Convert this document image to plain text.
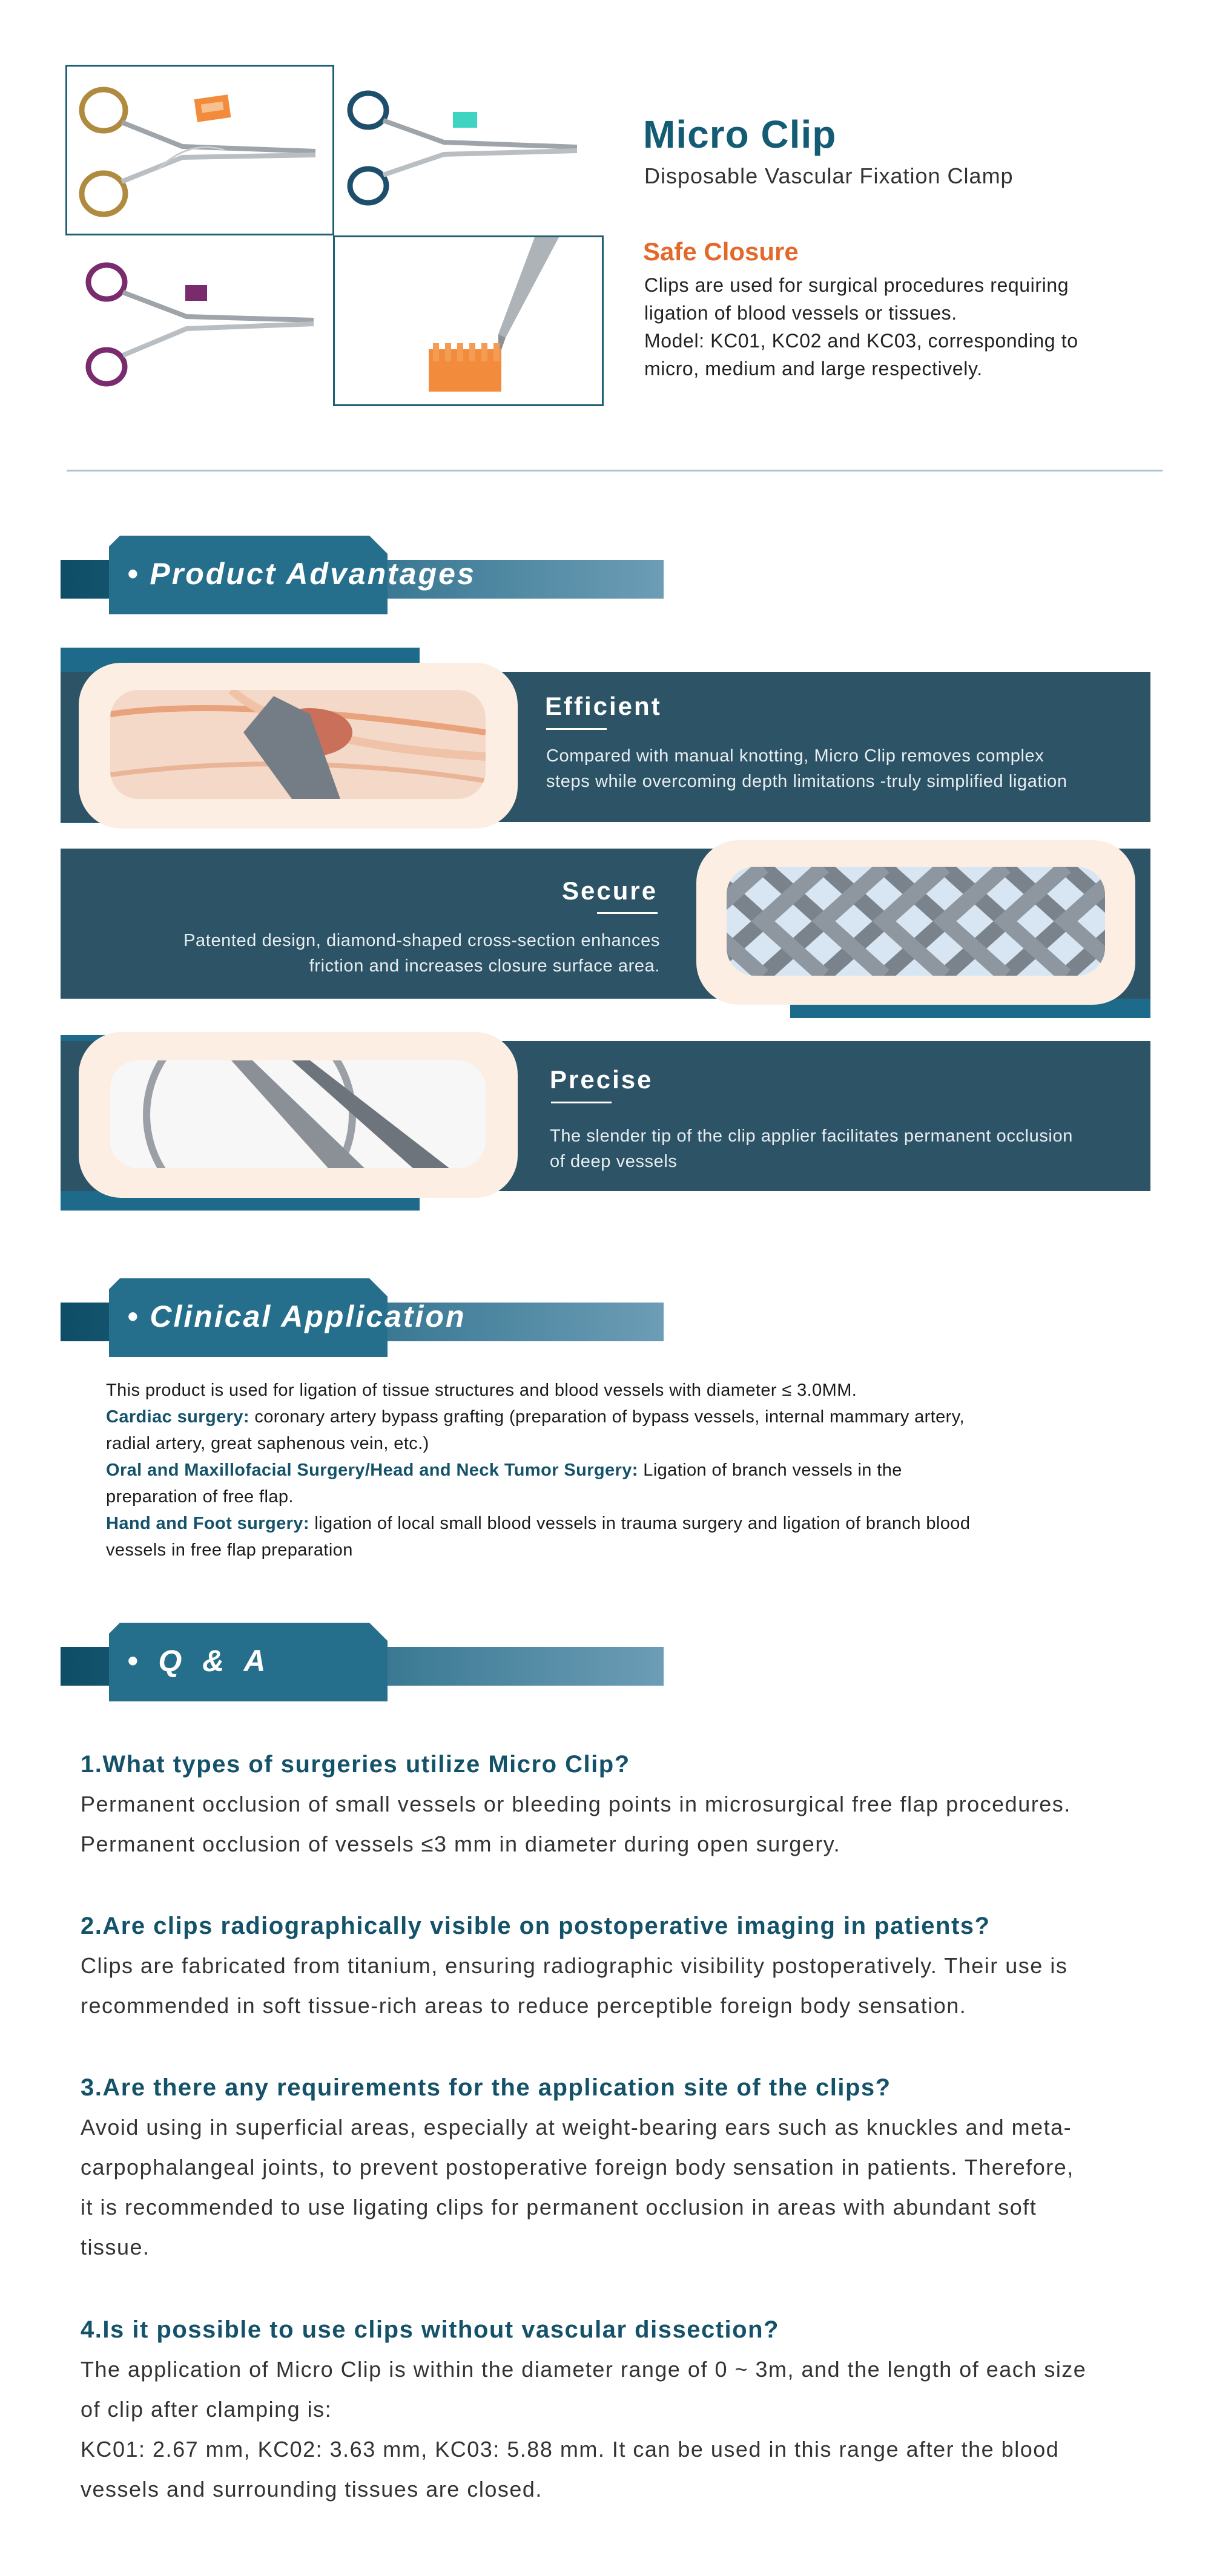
Micro Clip
Disposable Vascular Fixation Clamp
Safe Closure
Clips are used for surgical procedures requiring
ligation of blood vessels or tissues.
Model: KC01, KC02 and KC03, corresponding to
micro, medium and large respectively.
• Product Advantages
Efficient
Compared with manual knotting, Micro Clip removes complex
steps while overcoming depth limitations -truly simplified ligation
Secure
Patented design, diamond-shaped cross-section enhances
friction and increases closure surface area.
Precise
The slender tip of the clip applier facilitates permanent occlusion
of deep vessels
• Clinical Application

This product is used for ligation of tissue structures and blood vessels with diameter ≤ 3.0MM.

Cardiac surgery: coronary artery bypass grafting (preparation of bypass vessels, internal mammary artery,

radial artery, great saphenous vein, etc.)

Oral and Maxillofacial Surgery/Head and Neck Tumor Surgery: Ligation of branch vessels in the

preparation of free flap.

Hand and Foot surgery: ligation of local small blood vessels in trauma surgery and ligation of branch blood

vessels in free flap preparation

• Q & A
1.What types of surgeries utilize Micro Clip?
Permanent occlusion of small vessels or bleeding points in microsurgical free flap procedures.
Permanent occlusion of vessels ≤3 mm in diameter during open surgery.
2.Are clips radiographically visible on postoperative imaging in patients?
Clips are fabricated from titanium, ensuring radiographic visibility postoperatively. Their use is
recommended in soft tissue-rich areas to reduce perceptible foreign body sensation.
3.Are there any requirements for the application site of the clips?
Avoid using in superficial areas, especially at weight-bearing ears such as knuckles and meta-
carpophalangeal joints, to prevent postoperative foreign body sensation in patients. Therefore,
it is recommended to use ligating clips for permanent occlusion in areas with abundant soft
tissue.
4.Is it possible to use clips without vascular dissection?
The application of Micro Clip is within the diameter range of 0 ~ 3m, and the length of each size
of clip after clamping is:
KC01: 2.67 mm, KC02: 3.63 mm, KC03: 5.88 mm. It can be used in this range after the blood
vessels and surrounding tissues are closed.
